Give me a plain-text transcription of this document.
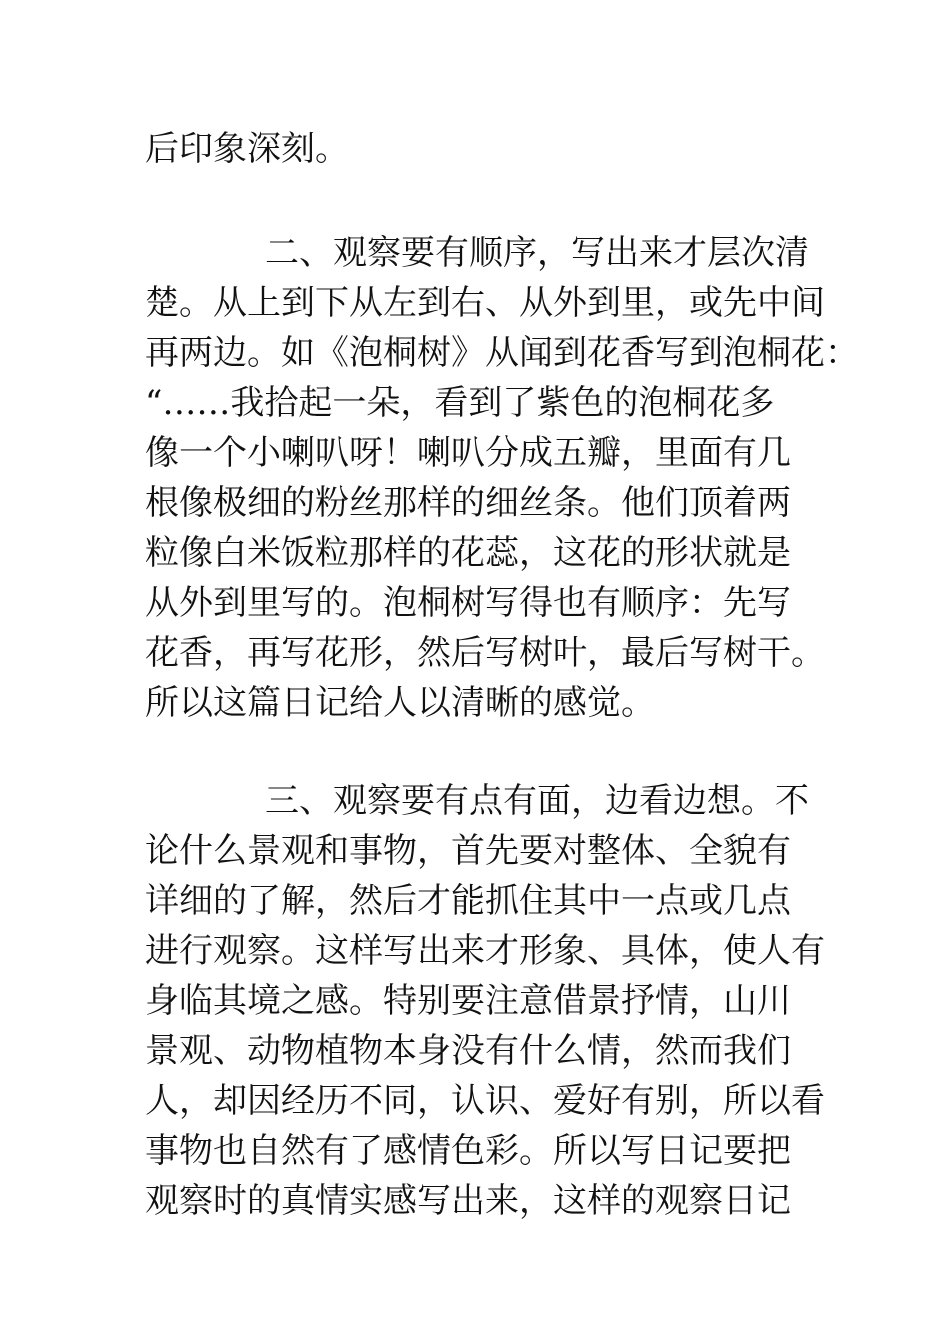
后印象深刻。
二、观察要有顺序，写出来才层次清
楚。从上到下从左到右、从外到里，或先中间
再两边。如《泡桐树》从闻到花香写到泡桐花：
“……我拾起一朵，看到了紫色的泡桐花多
像一个小喇叭呀！喇叭分成五瓣，里面有几
根像极细的粉丝那样的细丝条。他们顶着两
粒像白米饭粒那样的花蕊，这花的形状就是
从外到里写的。泡桐树写得也有顺序：先写
花香，再写花形，然后写树叶，最后写树干。
所以这篇日记给人以清晰的感觉。
三、观察要有点有面，边看边想。不
论什么景观和事物，首先要对整体、全貌有
详细的了解，然后才能抓住其中一点或几点
进行观察。这样写出来才形象、具体，使人有
身临其境之感。特别要注意借景抒情，山川
景观、动物植物本身没有什么情，然而我们
人，却因经历不同，认识、爱好有别，所以看
事物也自然有了感情色彩。所以写日记要把
观察时的真情实感写出来，这样的观察日记
